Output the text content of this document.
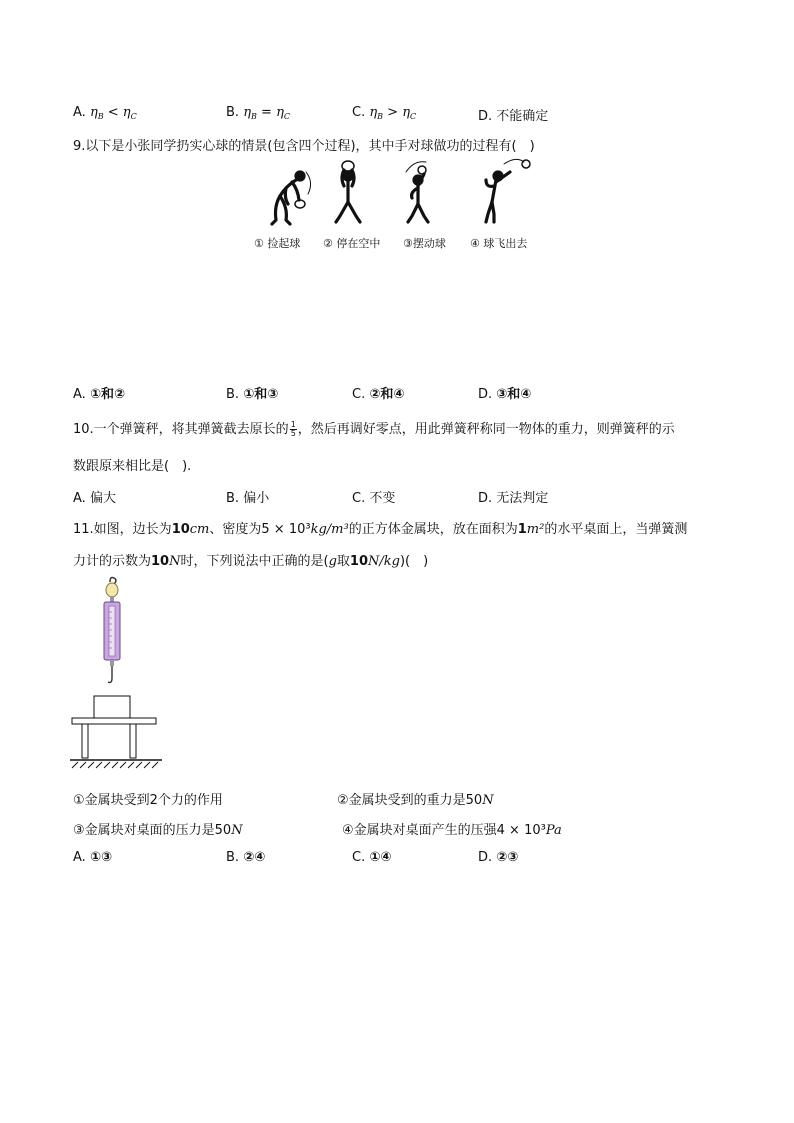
A. $\eta_B < \eta_C$	B. $\eta_B = \eta_C$	C. $\eta_B > \eta_C$	D. 不能确定
9.以下是小张同学扔实心球的情景(包含四个过程)，其中手对球做功的过程有(　)
① 捡起球 ② 停在空中 ③摆动球 ④ 球飞出去
A. ①和②	B. ①和③	C. ②和④	D. ③和④
10.一个弹簧秤，将其弹簧截去原长的 $\frac{1}{5}$ ，然后再调好零点，用此弹簧秤称同一物体的重力，则弹簧秤的示
数跟原来相比是(　).
A. 偏大	B. 偏小	C. 不变	D. 无法判定
11.如图，边长为10cm、密度为5 × 10³kg/m³的正方体金属块，放在面积为1m²的水平桌面上，当弹簧测
力计的示数为10N时，下列说法中正确的是(g取10N/kg)(　)
①金属块受到2个力的作用	②金属块受到的重力是50N
③金属块对桌面的压力是50N	④金属块对桌面产生的压强4 × 10³Pa
A. ①③	B. ②④	C. ①④	D. ②③
